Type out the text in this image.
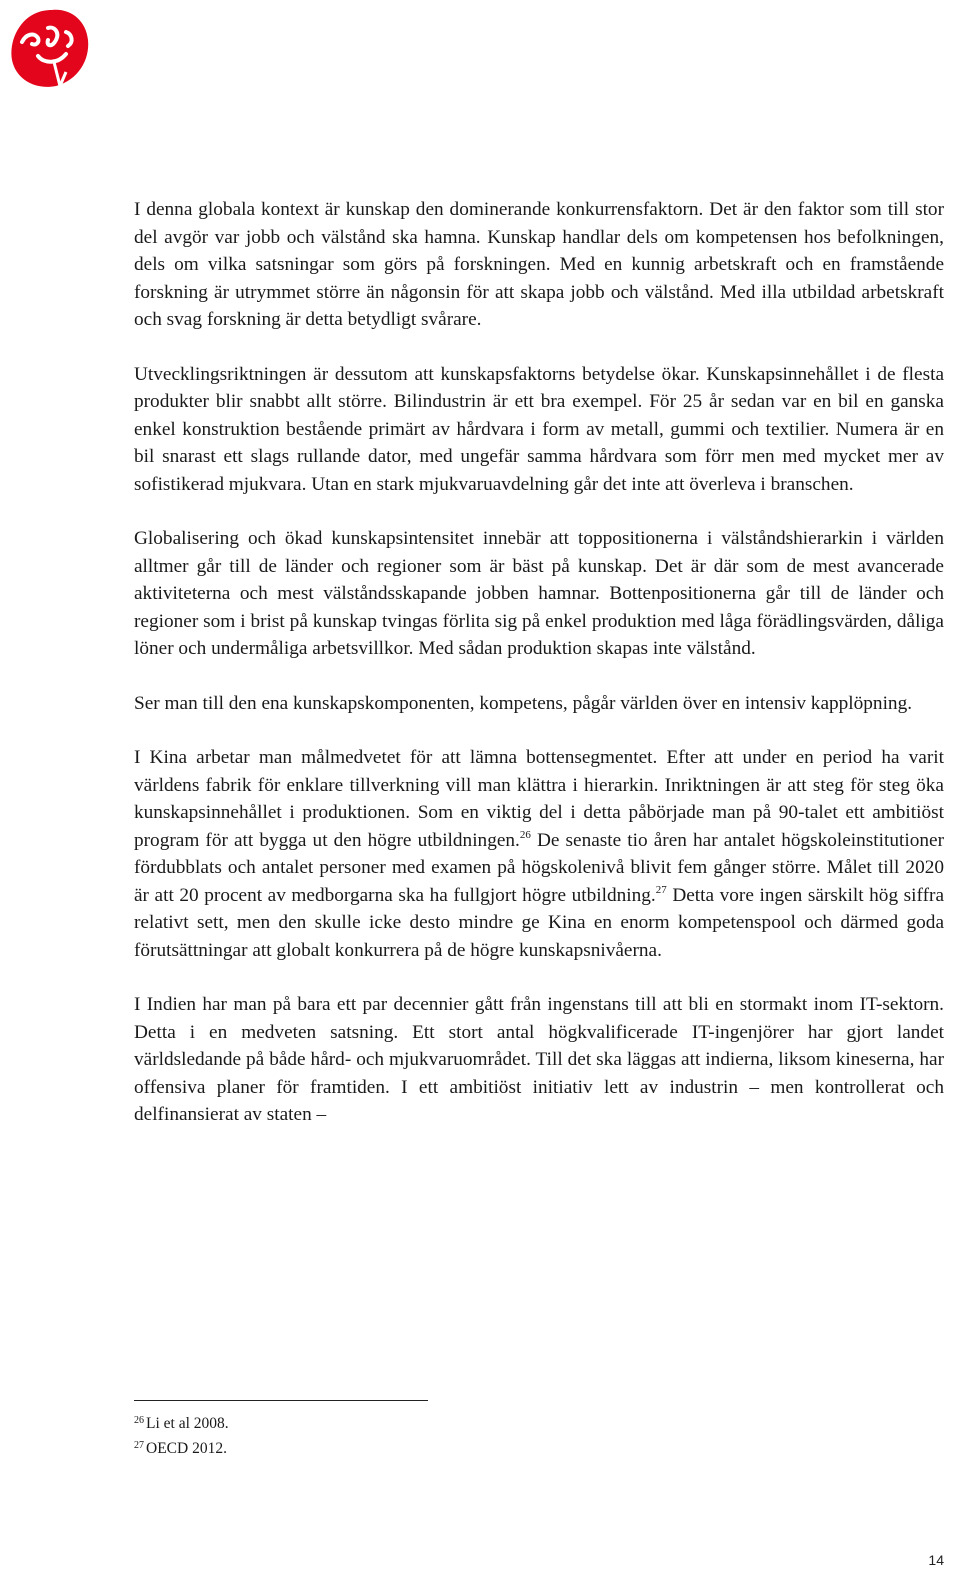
I denna globala kontext är kunskap den dominerande konkurrensfaktorn. Det är den faktor som till stor del avgör var jobb och välstånd ska hamna. Kunskap handlar dels om kompetensen hos befolkningen, dels om vilka satsningar som görs på forskningen. Med en kunnig arbetskraft och en framstående forskning är utrymmet större än någonsin för att skapa jobb och välstånd. Med illa utbildad arbetskraft och svag forskning är detta betydligt svårare.

Utvecklingsriktningen är dessutom att kunskapsfaktorns betydelse ökar. Kunskapsinnehållet i de flesta produkter blir snabbt allt större. Bilindustrin är ett bra exempel. För 25 år sedan var en bil en ganska enkel konstruktion bestående primärt av hårdvara i form av metall, gummi och textilier. Numera är en bil snarast ett slags rullande dator, med ungefär samma hårdvara som förr men med mycket mer av sofistikerad mjukvara. Utan en stark mjukvaruavdelning går det inte att överleva i branschen.

Globalisering och ökad kunskapsintensitet innebär att toppositionerna i välståndshierarkin i världen alltmer går till de länder och regioner som är bäst på kunskap. Det är där som de mest avancerade aktiviteterna och mest välståndsskapande jobben hamnar. Bottenpositionerna går till de länder och regioner som i brist på kunskap tvingas förlita sig på enkel produktion med låga förädlingsvärden, dåliga löner och undermåliga arbetsvillkor. Med sådan produktion skapas inte välstånd.

Ser man till den ena kunskapskomponenten, kompetens, pågår världen över en intensiv kapplöpning.

I Kina arbetar man målmedvetet för att lämna bottensegmentet. Efter att under en period ha varit världens fabrik för enklare tillverkning vill man klättra i hierarkin. Inriktningen är att steg för steg öka kunskapsinnehållet i produktionen. Som en viktig del i detta påbörjade man på 90-talet ett ambitiöst program för att bygga ut den högre utbildningen.$^{26}$ De senaste tio åren har antalet högskoleinstitutioner fördubblats och antalet personer med examen på högskolenivå blivit fem gånger större. Målet till 2020 är att 20 procent av medborgarna ska ha fullgjort högre utbildning.$^{27}$ Detta vore ingen särskilt hög siffra relativt sett, men den skulle icke desto mindre ge Kina en enorm kompetenspool och därmed goda förutsättningar att globalt konkurrera på de högre kunskapsnivåerna.

I Indien har man på bara ett par decennier gått från ingenstans till att bli en stormakt inom IT-sektorn. Detta i en medveten satsning. Ett stort antal högkvalificerade IT-ingenjörer har gjort landet världsledande på både hård- och mjukvaruområdet. Till det ska läggas att indierna, liksom kineserna, har offensiva planer för framtiden. I ett ambitiöst initiativ lett av industrin – men kontrollerat och delfinansierat av staten –

$^{26}$ Li et al 2008.

$^{27}$ OECD 2012.

14
